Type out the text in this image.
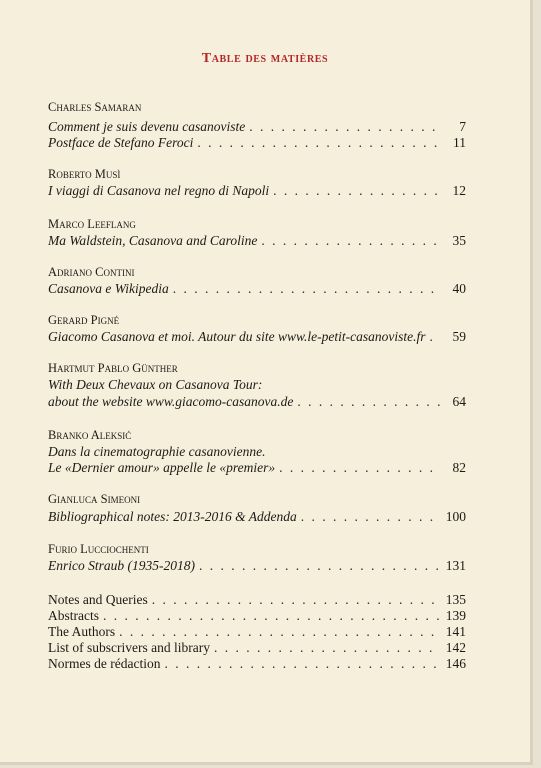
Table des matières
Charles Samaran
Comment je suis devenu casanoviste . . .	7
Postface de Stefano Feroci . . .	11
Roberto Musì
I viaggi di Casanova nel regno di Napoli . . .	12
Marco Leeflang
Ma Waldstein, Casanova and Caroline . . .	35
Adriano Contini
Casanova e Wikipedia . . .	40
Gerard Pigné
Giacomo Casanova et moi. Autour du site www.le-petit-casanoviste.fr . . .	59
Hartmut Pablo Günther
With Deux Chevaux on Casanova Tour:
about the website www.giacomo-casanova.de . . .	64
Branko Aleksić
Dans la cinematographie casanovienne.
Le «Dernier amour» appelle le «premier» . . .	82
Gianluca Simeoni
Bibliographical notes: 2013-2016 & Addenda . . .	100
Furio Lucciochenti
Enrico Straub (1935-2018) . . .	131
Notes and Queries . . .	135
Abstracts . . .	139
The Authors . . .	141
List of subscrivers and library . . .	142
Normes de rédaction . . .	146
